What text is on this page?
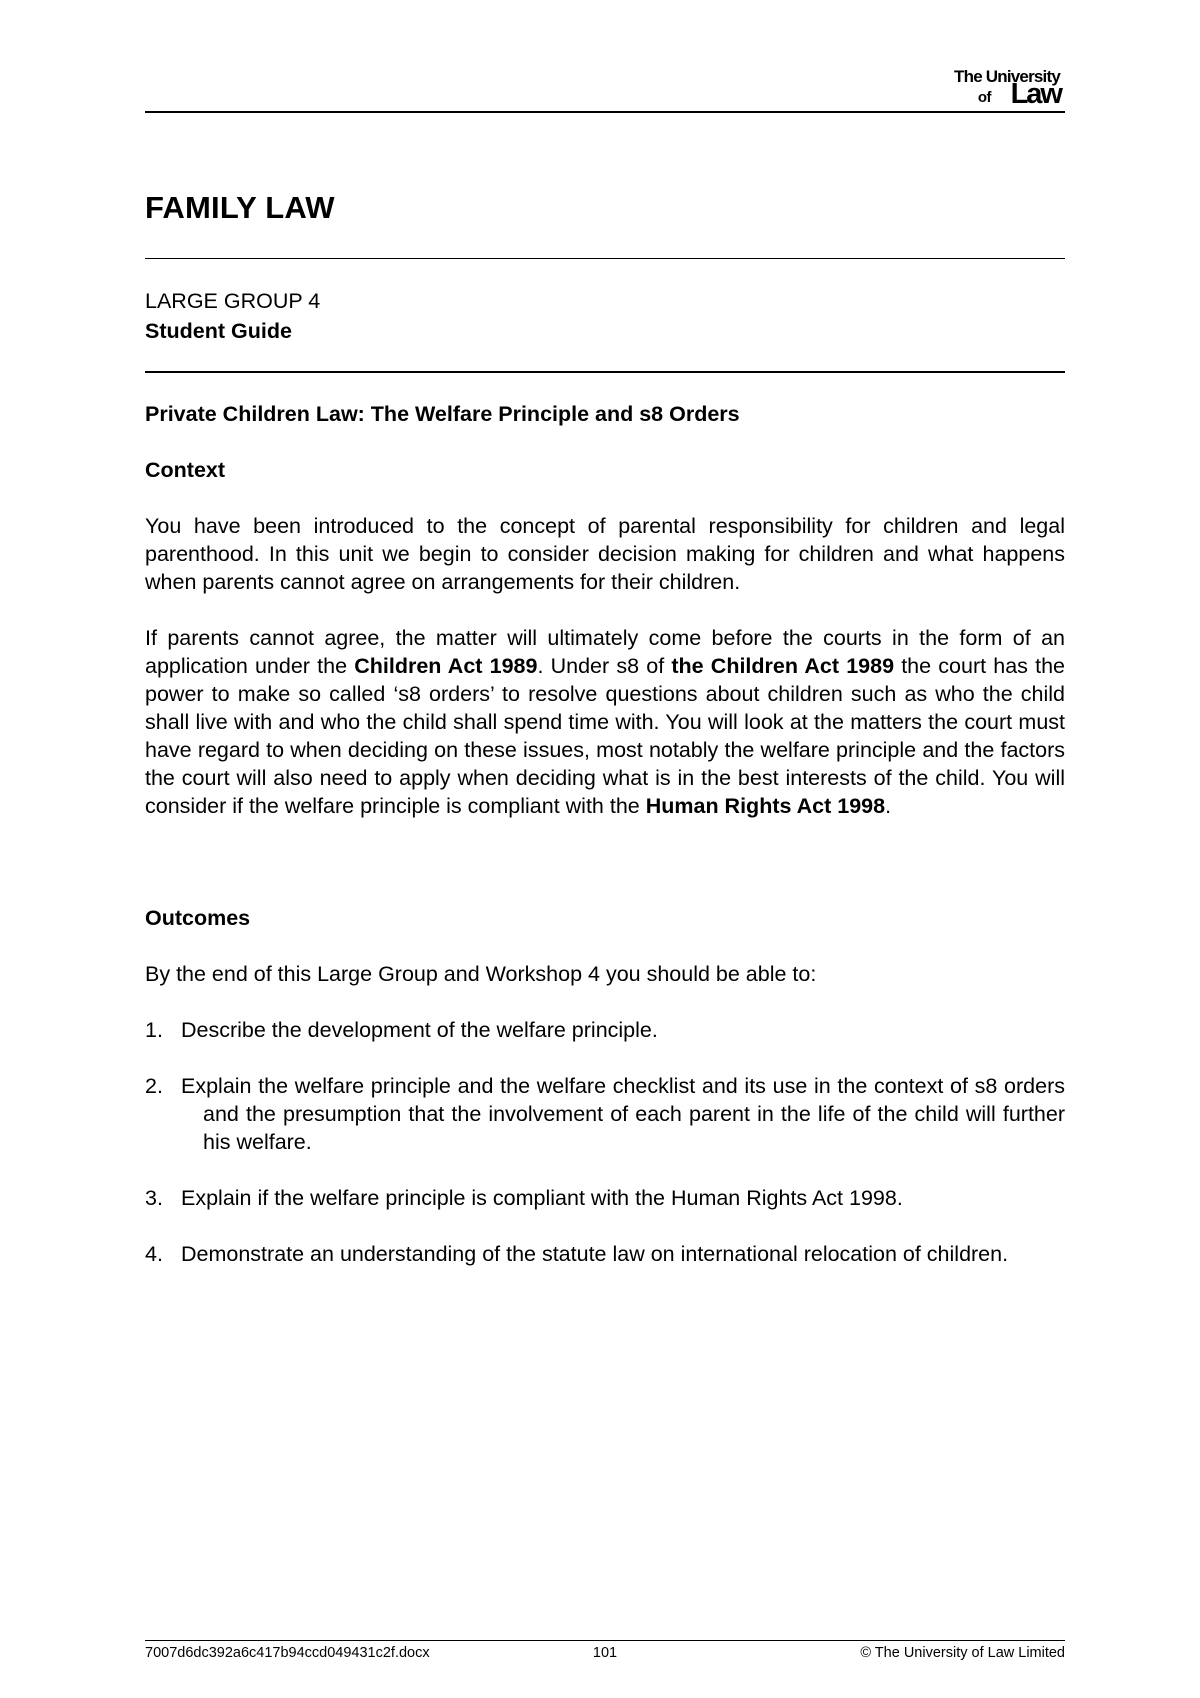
The University
of Law
FAMILY LAW
LARGE GROUP 4
Student Guide
Private Children Law: The Welfare Principle and s8 Orders
Context

You have been introduced to the concept of parental responsibility for children and legal parenthood. In this unit we begin to consider decision making for children and what happens when parents cannot agree on arrangements for their children.

If parents cannot agree, the matter will ultimately come before the courts in the form of an application under the Children Act 1989. Under s8 of the Children Act 1989 the court has the power to make so called ‘s8 orders’ to resolve questions about children such as who the child shall live with and who the child shall spend time with. You will look at the matters the court must have regard to when deciding on these issues, most notably the welfare principle and the factors the court will also need to apply when deciding what is in the best interests of the child. You will consider if the welfare principle is compliant with the Human Rights Act 1998.

Outcomes

By the end of this Large Group and Workshop 4 you should be able to:

1. Describe the development of the welfare principle.
2. Explain the welfare principle and the welfare checklist and its use in the context of s8 orders and the presumption that the involvement of each parent in the life of the child will further his welfare.
3. Explain if the welfare principle is compliant with the Human Rights Act 1998.
4. Demonstrate an understanding of the statute law on international relocation of children.
7007d6dc392a6c417b94ccd049431c2f.docx	101	© The University of Law Limited
